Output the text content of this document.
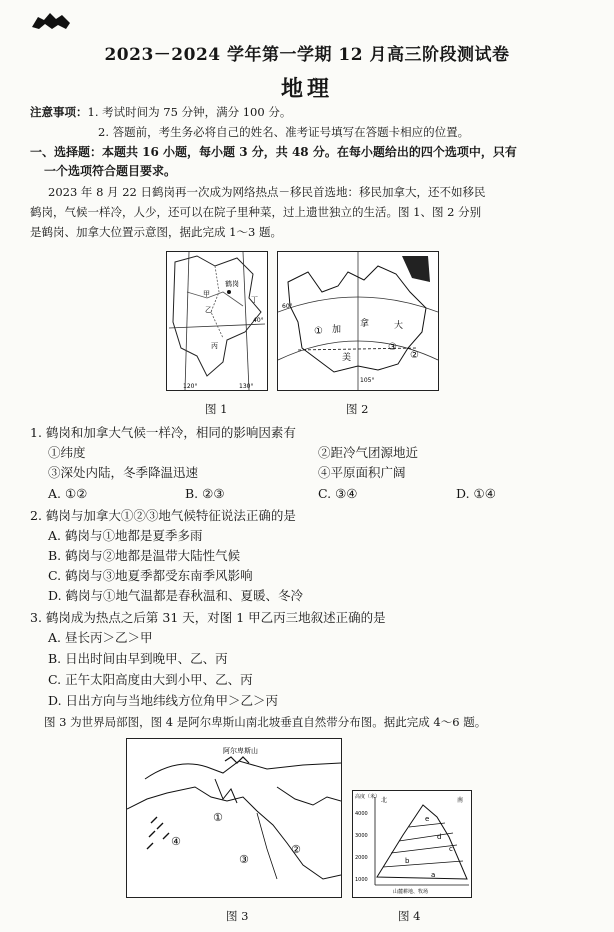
2023－2024 学年第一学期 12 月高三阶段测试卷
地理
注意事项：1. 考试时间为 75 分钟，满分 100 分。
2. 答题前，考生务必将自己的姓名、准考证号填写在答题卡相应的位置。
一、选择题：本题共 16 小题，每小题 3 分，共 48 分。在每小题给出的四个选项中，只有
一个选项符合题目要求。
2023 年 8 月 22 日鹤岗再一次成为网络热点－移民首选地：移民加拿大，还不如移民
鹤岗，气候一样冷，人少，还可以在院子里种菜，过上遗世独立的生活。图 1、图 2 分别
是鹤岗、加拿大位置示意图，据此完成 1～3 题。
鹤岗
甲
乙
丙
丁
40°
120°	130°
图 1
加
拿	大
美
①
②
③
105°
60°
图 2
1. 鹤岗和加拿大气候一样冷，相同的影响因素有
①纬度	②距冷气团源地近
③深处内陆，冬季降温迅速	④平原面积广阔
A. ①②	B. ②③	C. ③④	D. ①④
2. 鹤岗与加拿大①②③地气候特征说法正确的是
A. 鹤岗与①地都是夏季多雨
B. 鹤岗与②地都是温带大陆性气候
C. 鹤岗与③地夏季都受东南季风影响
D. 鹤岗与①地气温都是春秋温和、夏暖、冬冷
3. 鹤岗成为热点之后第 31 天，对图 1 甲乙丙三地叙述正确的是
A. 昼长丙＞乙＞甲
B. 日出时间由早到晚甲、乙、丙
C. 正午太阳高度由大到小甲、乙、丙
D. 日出方向与当地纬线方位角甲＞乙＞丙
图 3 为世界局部图，图 4 是阿尔卑斯山南北坡垂直自然带分布图。据此完成 4～6 题。
阿尔卑斯山
④
③
②
①
图 3
高度（米） 北	南
4000
3000
2000
1000
a
b
c
d
e
山麓耕地、牧场
图 4
